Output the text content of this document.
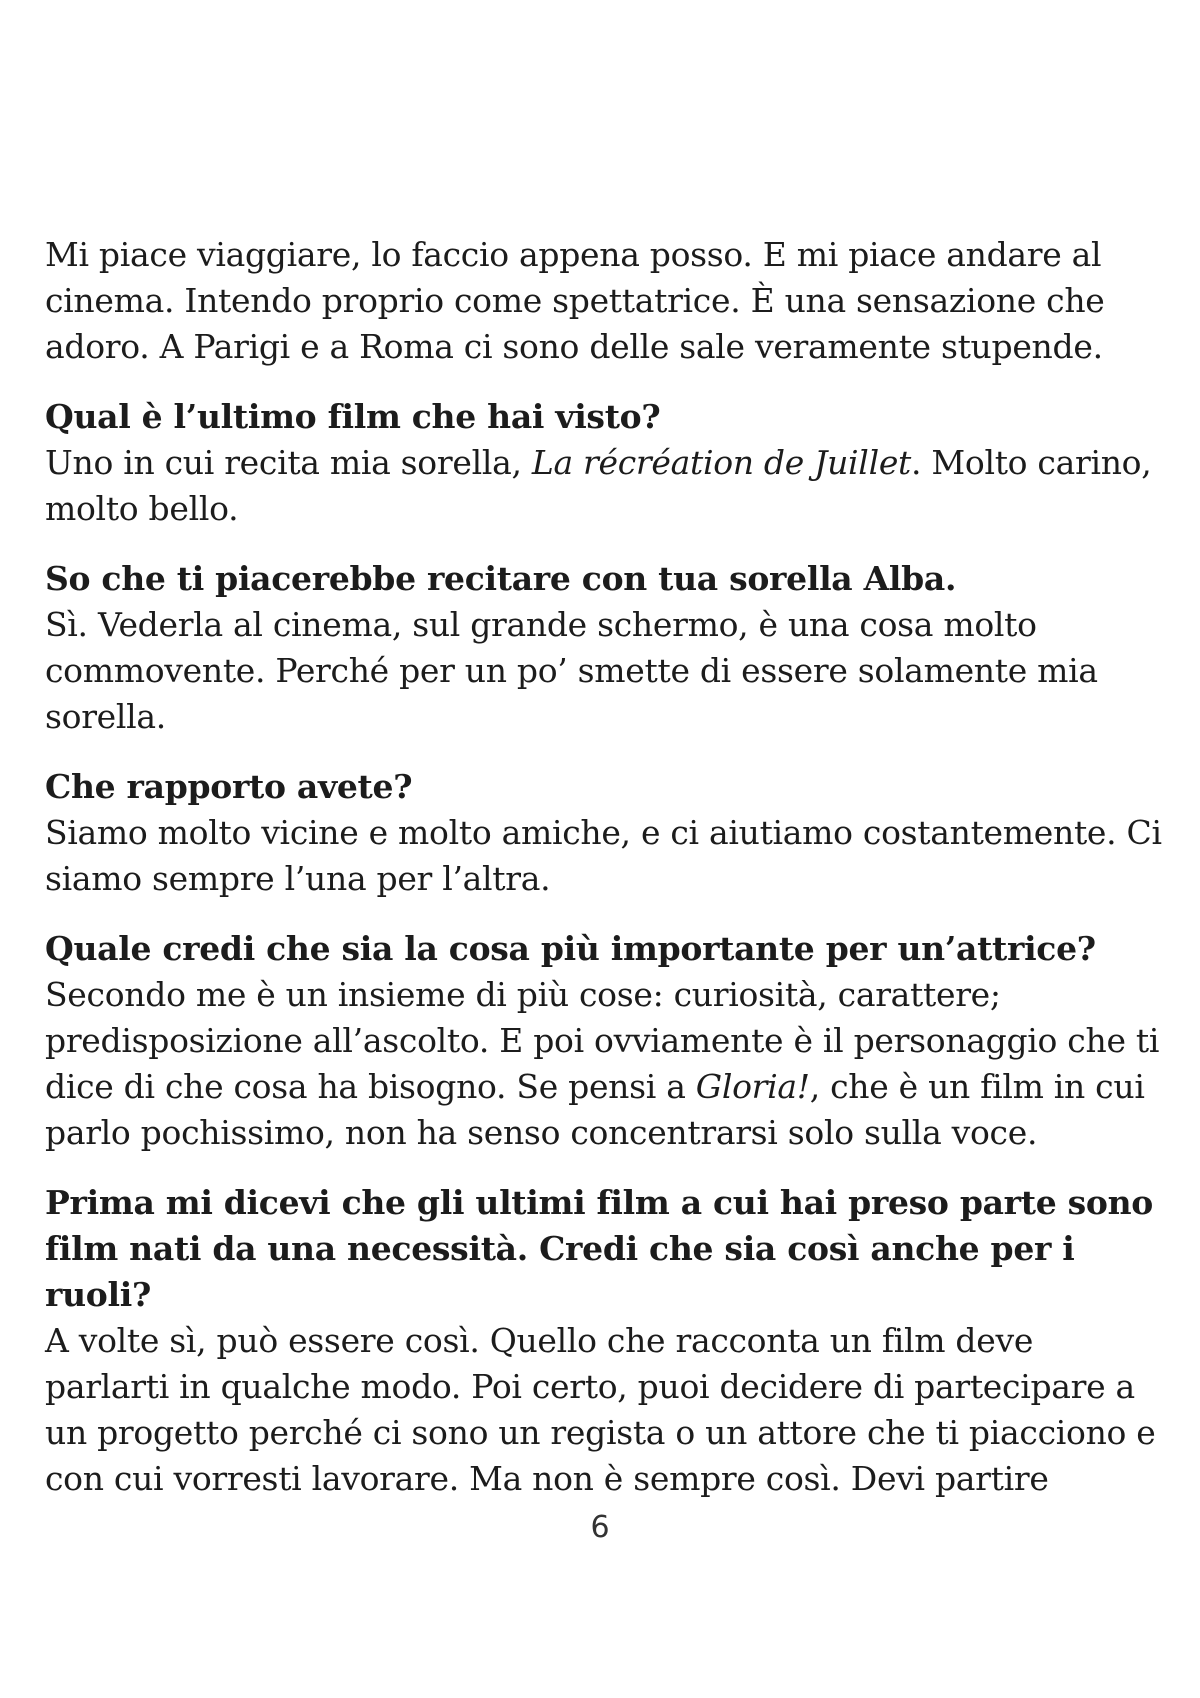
Mi piace viaggiare, lo faccio appena posso. E mi piace andare al cinema. Intendo proprio come spettatrice. È una sensazione che adoro. A Parigi e a Roma ci sono delle sale veramente stupende.

Qual è l’ultimo film che hai visto?

Uno in cui recita mia sorella, La récréation de Juillet. Molto carino, molto bello.

So che ti piacerebbe recitare con tua sorella Alba.

Sì. Vederla al cinema, sul grande schermo, è una cosa molto commovente. Perché per un po’ smette di essere solamente mia sorella.

Che rapporto avete?

Siamo molto vicine e molto amiche, e ci aiutiamo costantemente. Ci siamo sempre l’una per l’altra.

Quale credi che sia la cosa più importante per un’attrice?

Secondo me è un insieme di più cose: curiosità, carattere; predisposizione all’ascolto. E poi ovviamente è il personaggio che ti dice di che cosa ha bisogno. Se pensi a Gloria!, che è un film in cui parlo pochissimo, non ha senso concentrarsi solo sulla voce.

Prima mi dicevi che gli ultimi film a cui hai preso parte sono film nati da una necessità. Credi che sia così anche per i ruoli?

A volte sì, può essere così. Quello che racconta un film deve parlarti in qualche modo. Poi certo, puoi decidere di partecipare a un progetto perché ci sono un regista o un attore che ti piacciono e con cui vorresti lavorare. Ma non è sempre così. Devi partire

6
